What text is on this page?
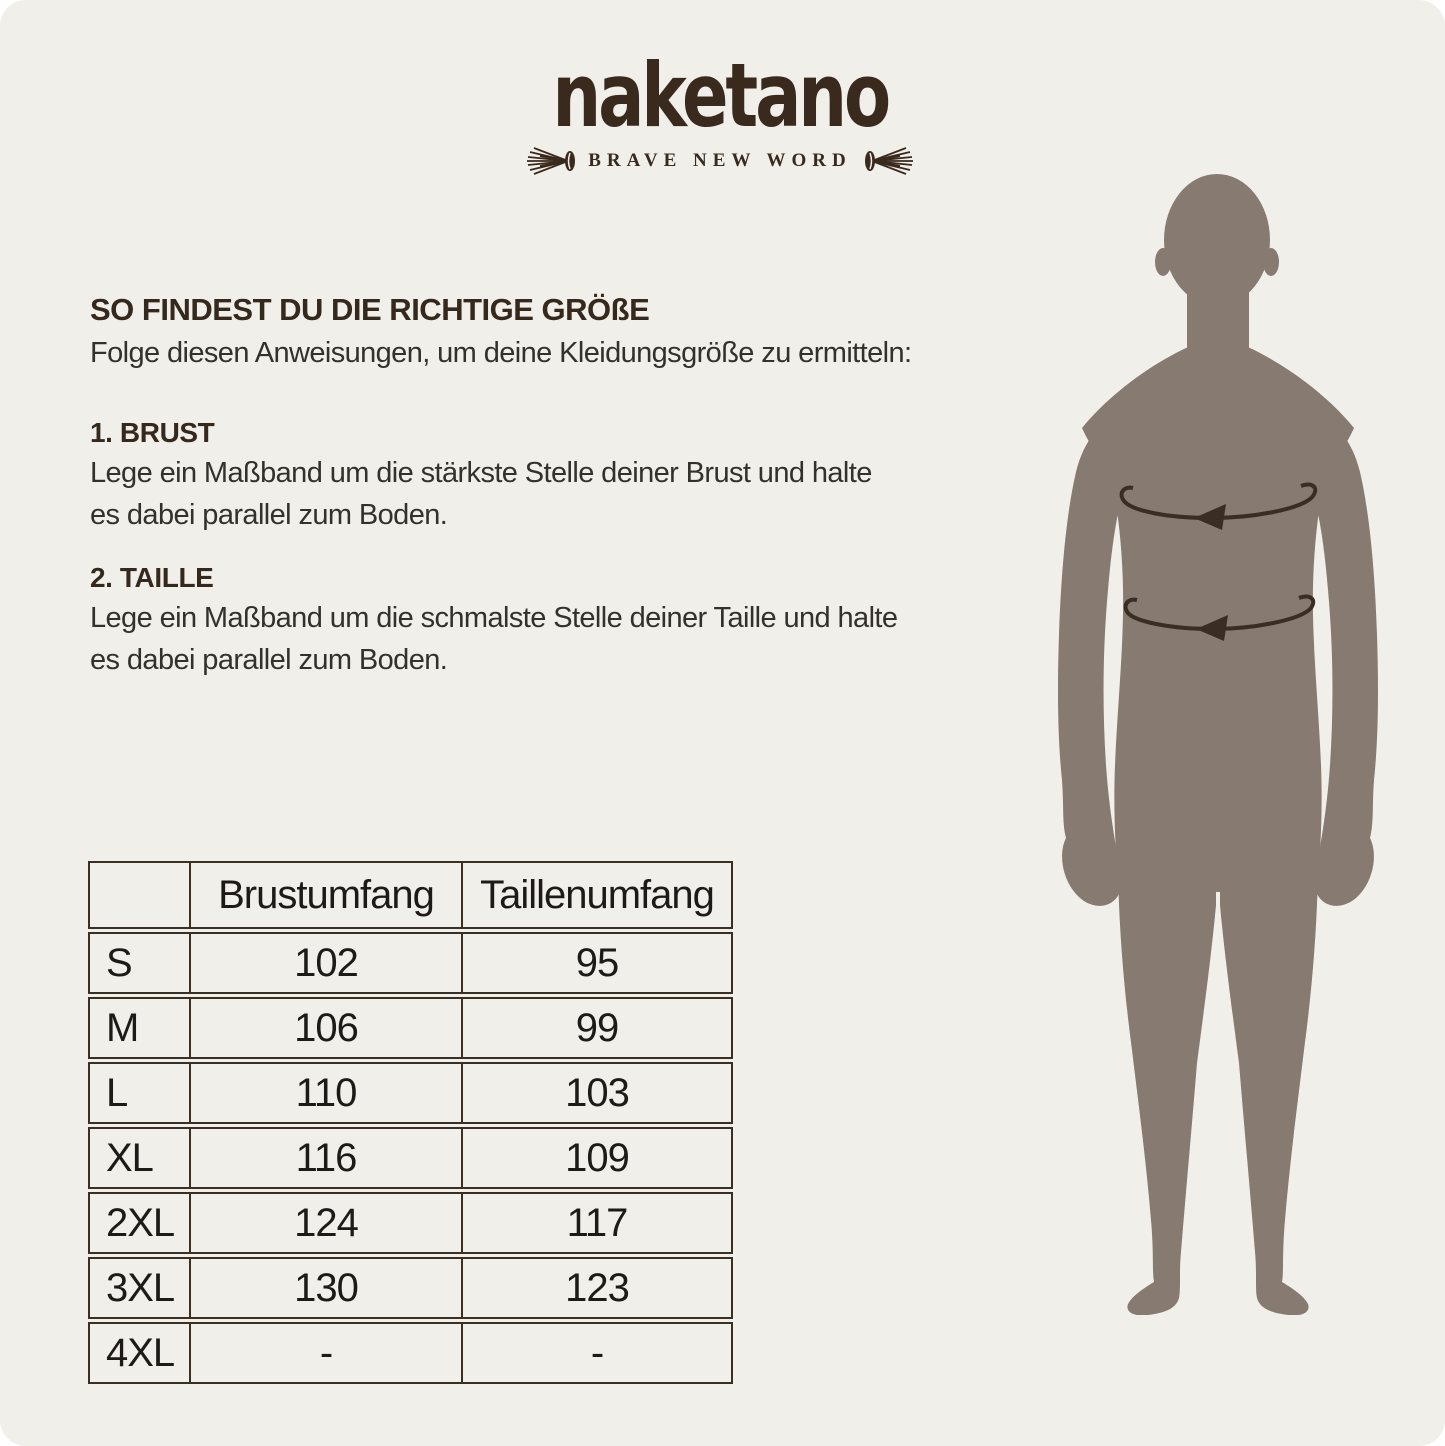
naketano
BRAVE NEW WORD
SO FINDEST DU DIE RICHTIGE GRÖßE
Folge diesen Anweisungen, um deine Kleidungsgröße zu ermitteln:
1. BRUST
Lege ein Maßband um die stärkste Stelle deiner Brust und halte
es dabei parallel zum Boden.
2. TAILLE
Lege ein Maßband um die schmalste Stelle deiner Taille und halte
es dabei parallel zum Boden.
	Brustumfang	Taillenumfang
S	102	95
M	106	99
L	110	103
XL	116	109
2XL	124	117
3XL	130	123
4XL	-	-
